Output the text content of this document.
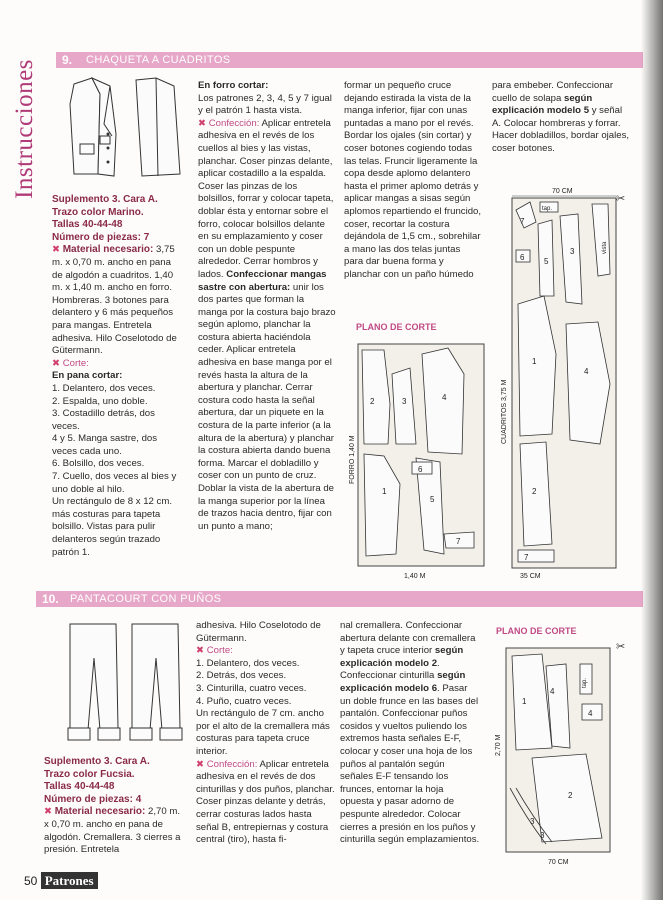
Instrucciones 9. CHAQUETA A CUADRITOS

Suplemento 3. Cara A.

Trazo color Marino.

Tallas 40-44-48

Número de piezas: 7

✖ Material necesario: 3,75 m. x 0,70 m. ancho en pana de algodón a cuadritos. 1,40 m. x 1,40 m. ancho en forro. Hombreras. 3 botones para delantero y 6 más pequeños para mangas. Entretela adhesiva. Hilo Coselotodo de Gütermann.

✖ Corte:

En pana cortar:

1. Delantero, dos veces.

2. Espalda, uno doble.

3. Costadillo detrás, dos veces.

4 y 5. Manga sastre, dos veces cada uno.

6. Bolsillo, dos veces.

7. Cuello, dos veces al bies y uno doble al hilo.

Un rectángulo de 8 x 12 cm. más costuras para tapeta bolsillo. Vistas para pulir delanteros según trazado patrón 1.

En forro cortar:

Los patrones 2, 3, 4, 5 y 7 igual y el patrón 1 hasta vista.

✖ Confección: Aplicar entretela adhesiva en el revés de los cuellos al bies y las vistas, planchar. Coser pinzas delante, aplicar costadillo a la espalda. Coser las pinzas de los bolsillos, forrar y colocar tapeta, doblar ésta y entornar sobre el forro, colocar bolsillos delante en su emplazamiento y coser con un doble pespunte alrededor. Cerrar hombros y lados. Confeccionar mangas sastre con abertura: unir los dos partes que forman la manga por la costura bajo brazo según aplomo, planchar la costura abierta haciéndola ceder. Aplicar entretela adhesiva en base manga por el revés hasta la altura de la abertura y planchar. Cerrar costura codo hasta la señal abertura, dar un piquete en la costura de la parte inferior (a la altura de la abertura) y planchar la costura abierta dando buena forma. Marcar el dobladillo y coser con un punto de cruz. Doblar la vista de la abertura de la manga superior por la línea de trazos hacia dentro, fijar con un punto a mano;

formar un pequeño cruce dejando estirada la vista de la manga inferior, fijar con unas puntadas a mano por el revés. Bordar los ojales (sin cortar) y coser botones cogiendo todas las telas. Fruncir ligeramente la copa desde aplomo delantero hasta el primer aplomo detrás y aplicar mangas a sisas según aplomos repartiendo el fruncido, coser, recortar la costura dejándola de 1,5 cm., sobrehilar a mano las dos telas juntas para dar buena forma y planchar con un paño húmedo

para embeber. Confeccionar cuello de solapa según explicación modelo 5 y señal A. Colocar hombreras y forrar. Hacer dobladillos, bordar ojales, coser botones.

PLANO DE CORTE
2	3	4
1
5
6
7
FORRO 1,40 M
1,40 M
70 CM
✂
7
6 5
3
1
4
2
7
tap.
vista
CUADRITOS 3,75 M
35 CM
10. PANTACOURT CON PUÑOS

Suplemento 3. Cara A.

Trazo color Fucsia.

Tallas 40-44-48

Número de piezas: 4

✖ Material necesario: 2,70 m. x 0,70 m. ancho en pana de algodón. Cremallera. 3 cierres a presión. Entretela

adhesiva. Hilo Coselotodo de Gütermann.

✖ Corte:

1. Delantero, dos veces.

2. Detrás, dos veces.

3. Cinturilla, cuatro veces.

4. Puño, cuatro veces.

Un rectángulo de 7 cm. ancho por el alto de la cremallera más costuras para tapeta cruce interior.

✖ Confección: Aplicar entretela adhesiva en el revés de dos cinturillas y dos puños, planchar. Coser pinzas delante y detrás, cerrar costuras lados hasta señal B, entrepiernas y costura central (tiro), hasta fi-

nal cremallera. Confeccionar abertura delante con cremallera y tapeta cruce interior según explicación modelo 2. Confeccionar cinturilla según explicación modelo 6. Pasar un doble frunce en las bases del pantalón. Confeccionar puños cosidos y vueltos puliendo los extremos hasta señales E-F, colocar y coser una hoja de los puños al pantalón según señales E-F tensando los frunces, entornar la hoja opuesta y pasar adorno de pespunte alrededor. Colocar cierres a presión en los puños y cinturilla según emplazamientos.

PLANO DE CORTE
✂
1
2
3
3
4
4
tap.
2,70 M
70 CM
50 Patrones
